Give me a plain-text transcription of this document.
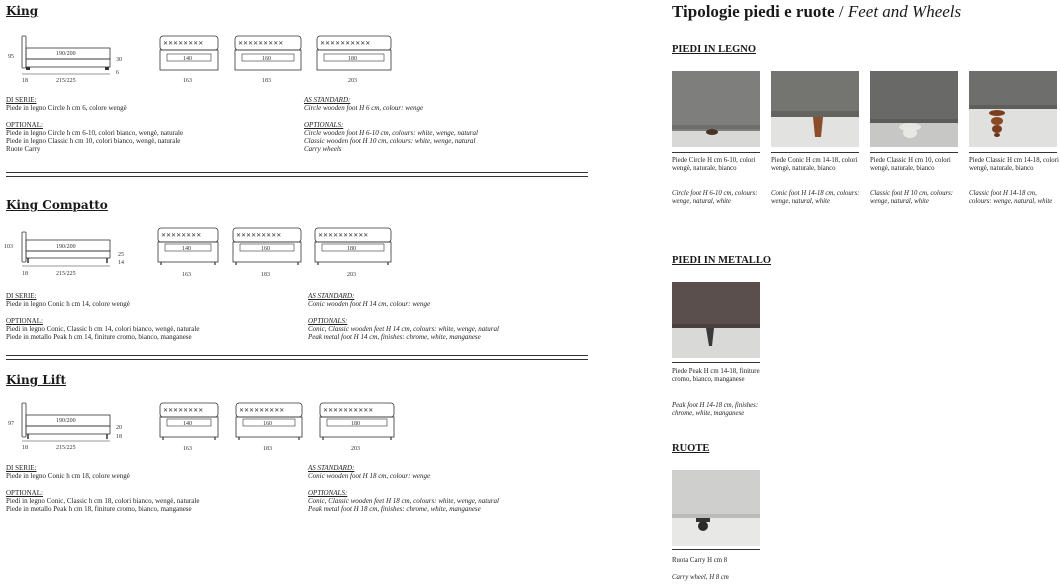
King
95	190/200
30
6
18	215/225
✕✕✕✕✕✕✕✕
140
163
✕✕✕✕✕✕✕✕✕
160
183
✕✕✕✕✕✕✕✕✕✕
180
203
DI SERIE:
Piede in legno Circle h cm 6, colore wengè
OPTIONAL:
Piede in legno Circle h cm 6-10, colori bianco, wengè, naturale
Piede in legno Classic h cm 10, colori bianco, wengè, naturale
Ruote Carry
AS STANDARD:
Circle wooden foot H 6 cm, colour: wenge
OPTIONALS:
Circle wooden foot H 6-10 cm, colours: white, wenge, natural
Classic wooden foot H 10 cm, colours: white, wenge, natural
Carry wheels
King Compatto
103	190/200
25
14
18	215/225
✕✕✕✕✕✕✕✕
140
163
✕✕✕✕✕✕✕✕✕
160
183
✕✕✕✕✕✕✕✕✕✕
180
203
DI SERIE:
Piede in legno Conic h cm 14, colore wengè
OPTIONAL:
Piedi in legno Conic, Classic h cm 14, colori bianco, wengè, naturale
Piede in metallo Peak h cm 14, finiture cromo, bianco, manganese
AS STANDARD:
Conic wooden foot H 14 cm, colour: wenge
OPTIONALS:
Conic, Classic wooden feet H 14 cm, colours: white, wenge, natural
Peak metal foot H 14 cm, finishes: chrome, white, manganese
King Lift
97	190/200
20
18
18	215/225
✕✕✕✕✕✕✕✕
140
163
✕✕✕✕✕✕✕✕✕
160
183
✕✕✕✕✕✕✕✕✕✕
180
203
DI SERIE:
Piede in legno Conic h cm 18, colore wengè
OPTIONAL:
Piedi in legno Conic, Classic h cm 18, colori bianco, wengè, naturale
Piede in metallo Peak h cm 18, finiture cromo, bianco, manganese
AS STANDARD:
Conic wooden foot H 18 cm, colour: wenge
OPTIONALS:
Conic, Classic wooden feet H 18 cm, colours: white, wenge, natural
Peak metal foot H 18 cm, finishes: chrome, white, manganese
Tipologie piedi e ruote / Feet and Wheels
PIEDI IN LEGNO
Piede Circle H cm 6-10, colori wengè, naturale, bianco
Piede Conic H cm 14-18, colori wengè, naturale, bianco
Piede Classic H cm 10, colori wengè, naturale, bianco
Piede Classic H cm 14-18, colori wengè, naturale, bianco
Circle foot H 6-10 cm, colours: wenge, natural, white
Conic foot H 14-18 cm, colours: wenge, natural, white
Classic foot H 10 cm, colours: wenge, natural, white
Classic foot H 14-18 cm, colours: wenge, natural, white
PIEDI IN METALLO
Piede Peak H cm 14-18, finiture cromo, bianco, manganese
Peak foot H 14-18 cm, finishes: chrome, white, manganese
RUOTE
Ruota Carry H cm 8
Carry wheel, H 8 cm
